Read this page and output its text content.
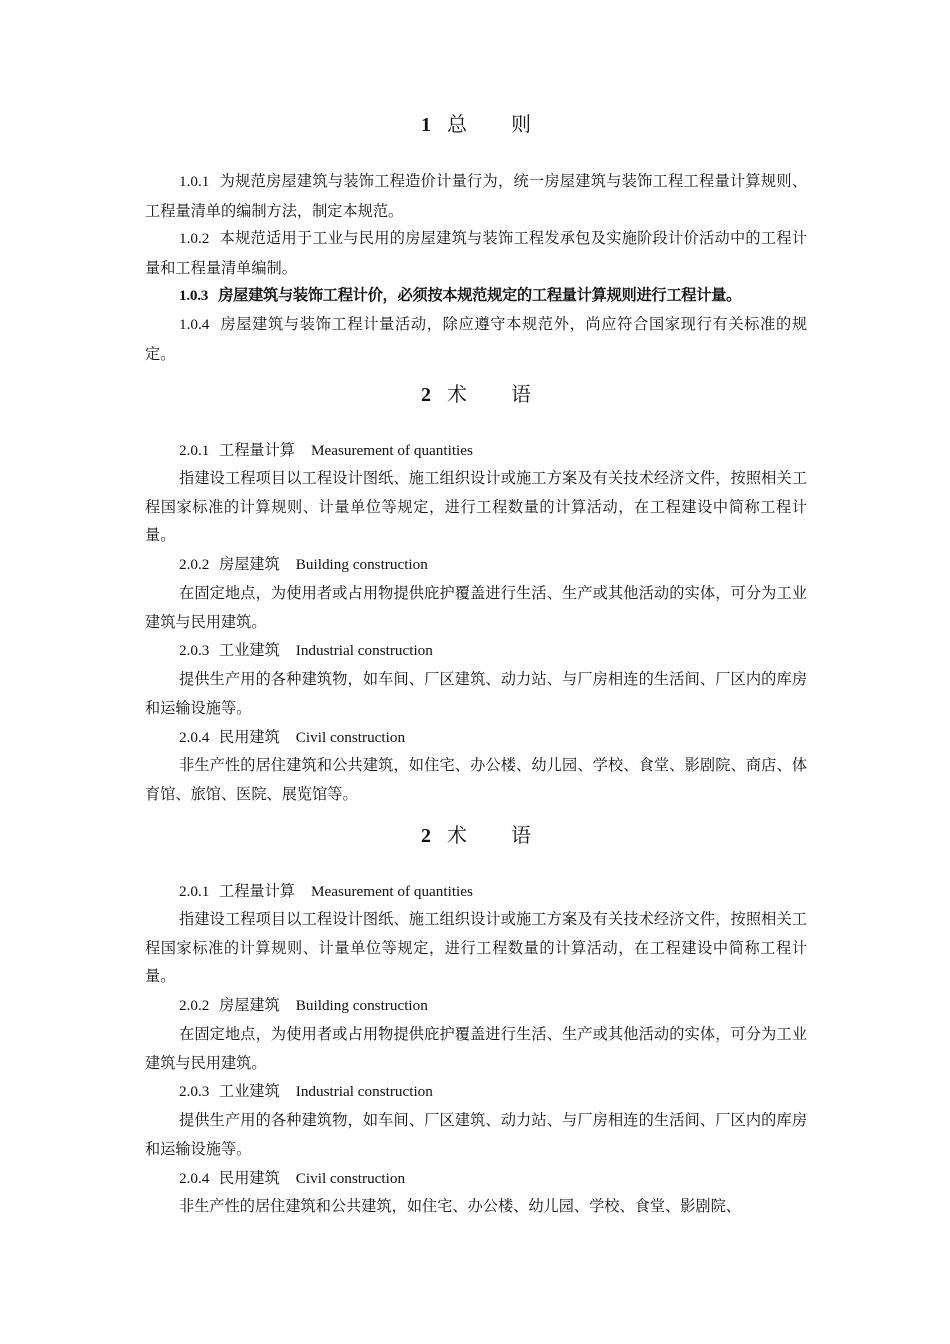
1 总则
1.0.1 为规范房屋建筑与装饰工程造价计量行为，统一房屋建筑与装饰工程工程量计算规则、工程量清单的编制方法，制定本规范。
1.0.2 本规范适用于工业与民用的房屋建筑与装饰工程发承包及实施阶段计价活动中的工程计量和工程量清单编制。
1.0.3 房屋建筑与装饰工程计价，必须按本规范规定的工程量计算规则进行工程计量。
1.0.4 房屋建筑与装饰工程计量活动，除应遵守本规范外，尚应符合国家现行有关标准的规定。
2 术语
2.0.1 工程量计算 Measurement of quantities
指建设工程项目以工程设计图纸、施工组织设计或施工方案及有关技术经济文件，按照相关工程国家标准的计算规则、计量单位等规定，进行工程数量的计算活动，在工程建设中简称工程计量。
2.0.2 房屋建筑 Building construction
在固定地点，为使用者或占用物提供庇护覆盖进行生活、生产或其他活动的实体，可分为工业建筑与民用建筑。
2.0.3 工业建筑 Industrial construction
提供生产用的各种建筑物，如车间、厂区建筑、动力站、与厂房相连的生活间、厂区内的库房和运输设施等。
2.0.4 民用建筑 Civil construction
非生产性的居住建筑和公共建筑，如住宅、办公楼、幼儿园、学校、食堂、影剧院、商店、体育馆、旅馆、医院、展览馆等。
2 术语
2.0.1 工程量计算 Measurement of quantities
指建设工程项目以工程设计图纸、施工组织设计或施工方案及有关技术经济文件，按照相关工程国家标准的计算规则、计量单位等规定，进行工程数量的计算活动，在工程建设中简称工程计量。
2.0.2 房屋建筑 Building construction
在固定地点，为使用者或占用物提供庇护覆盖进行生活、生产或其他活动的实体，可分为工业建筑与民用建筑。
2.0.3 工业建筑 Industrial construction
提供生产用的各种建筑物，如车间、厂区建筑、动力站、与厂房相连的生活间、厂区内的库房和运输设施等。
2.0.4 民用建筑 Civil construction
非生产性的居住建筑和公共建筑，如住宅、办公楼、幼儿园、学校、食堂、影剧院、
